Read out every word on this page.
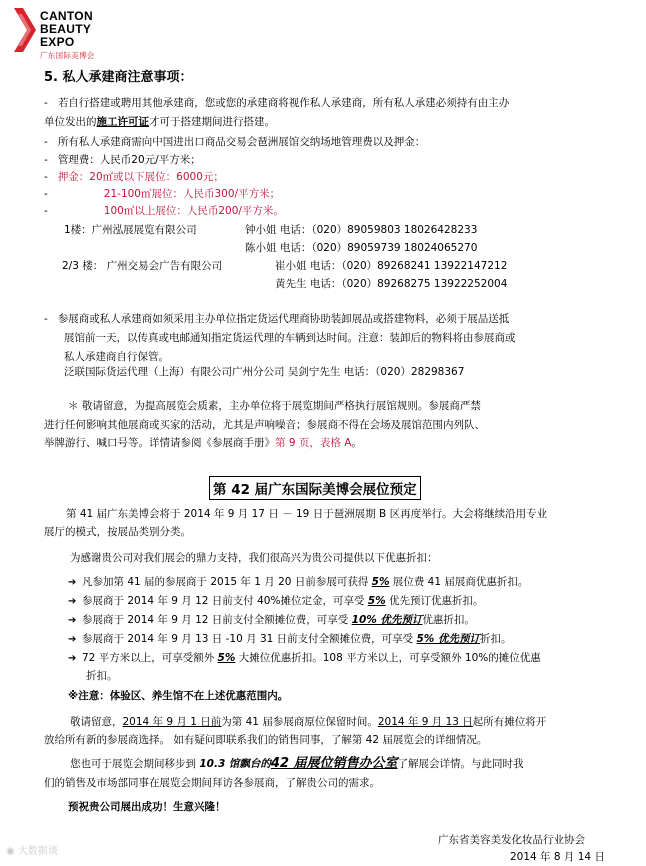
CANTON
BEAUTY
EXPO
广东国际美博会
5. 私人承建商注意事项：
-   若自行搭建或聘用其他承建商，您或您的承建商将视作私人承建商，所有私人承建必须持有由主办
单位发出的施工许可证才可于搭建期间进行搭建。
-   所有私人承建商需向中国进出口商品交易会琶洲展馆交纳场地管理费以及押金：
-   管理费：人民币20元/平方米；
-   押金：20㎡或以下展位：6000元；
-	21-100㎡展位：人民币300/平方米；
-	100㎡以上展位：人民币200/平方米。
1楼：广州泓展展览有限公司	钟小姐 电话：（020）89059803 18026428233
陈小姐 电话：（020）89059739 18024065270
2/3 楼： 广州交易会广告有限公司	崔小姐 电话：（020）89268241 13922147212
黄先生 电话：（020）89268275 13922252004
-   参展商或私人承建商如须采用主办单位指定货运代理商协助装卸展品或搭建物料，必须于展品送抵
展馆前一天，以传真或电邮通知指定货运代理的车辆到达时间。注意：装卸后的物料将由参展商或
私人承建商自行保管。
泛联国际货运代理（上海）有限公司广州分公司 吴剑宁先生 电话：（020）28298367
＊ 敬请留意，为提高展览会质素，主办单位将于展览期间严格执行展馆规则。参展商严禁
进行任何影响其他展商或买家的活动，尤其是声响噪音；参展商不得在会场及展馆范围内列队、
举牌游行、喊口号等。详情请参阅《参展商手册》第 9 页，表格 A。
第 42 届广东国际美博会展位预定
第 41 届广东美博会将于 2014 年 9 月 17 日 － 19 日于琶洲展期 B 区再度举行。大会将继续沿用专业
展厅的模式，按展品类别分类。
为感谢贵公司对我们展会的鼎力支持，我们很高兴为贵公司提供以下优惠折扣：
➔ 凡参加第 41 届的参展商于 2015 年 1 月 20 日前参展可获得 5% 展位费 41 届展商优惠折扣。
➔ 参展商于 2014 年 9 月 12 日前支付 40%摊位定金，可享受 5% 优先预订优惠折扣。
➔ 参展商于 2014 年 9 月 12 日前支付全额摊位费，可享受 10% 优先预订优惠折扣。
➔ 参展商于 2014 年 9 月 13 日 -10 月 31 日前支付全额摊位费，可享受 5% 优先预订折扣。
➔ 72 平方米以上，可享受额外 5% 大摊位优惠折扣。108 平方米以上，可享受额外 10%的摊位优惠
折扣。
※注意：体验区、养生馆不在上述优惠范围内。
敬请留意，2014 年 9 月 1 日前为第 41 届参展商原位保留时间。2014 年 9 月 13 日起所有摊位将开
放给所有新的参展商选择。 如有疑问即联系我们的销售同事，了解第 42 届展览会的详细情况。
您也可于展览会期间移步到 10.3 馆飘台的42 届展位销售办公室了解展会详情。与此同时我
们的销售及市场部同事在展览会期间拜访各参展商，了解贵公司的需求。
预祝贵公司展出成功！生意兴隆！
广东省美容美发化妆品行业协会
2014 年 8 月 14 日
◉ 大数据谈
